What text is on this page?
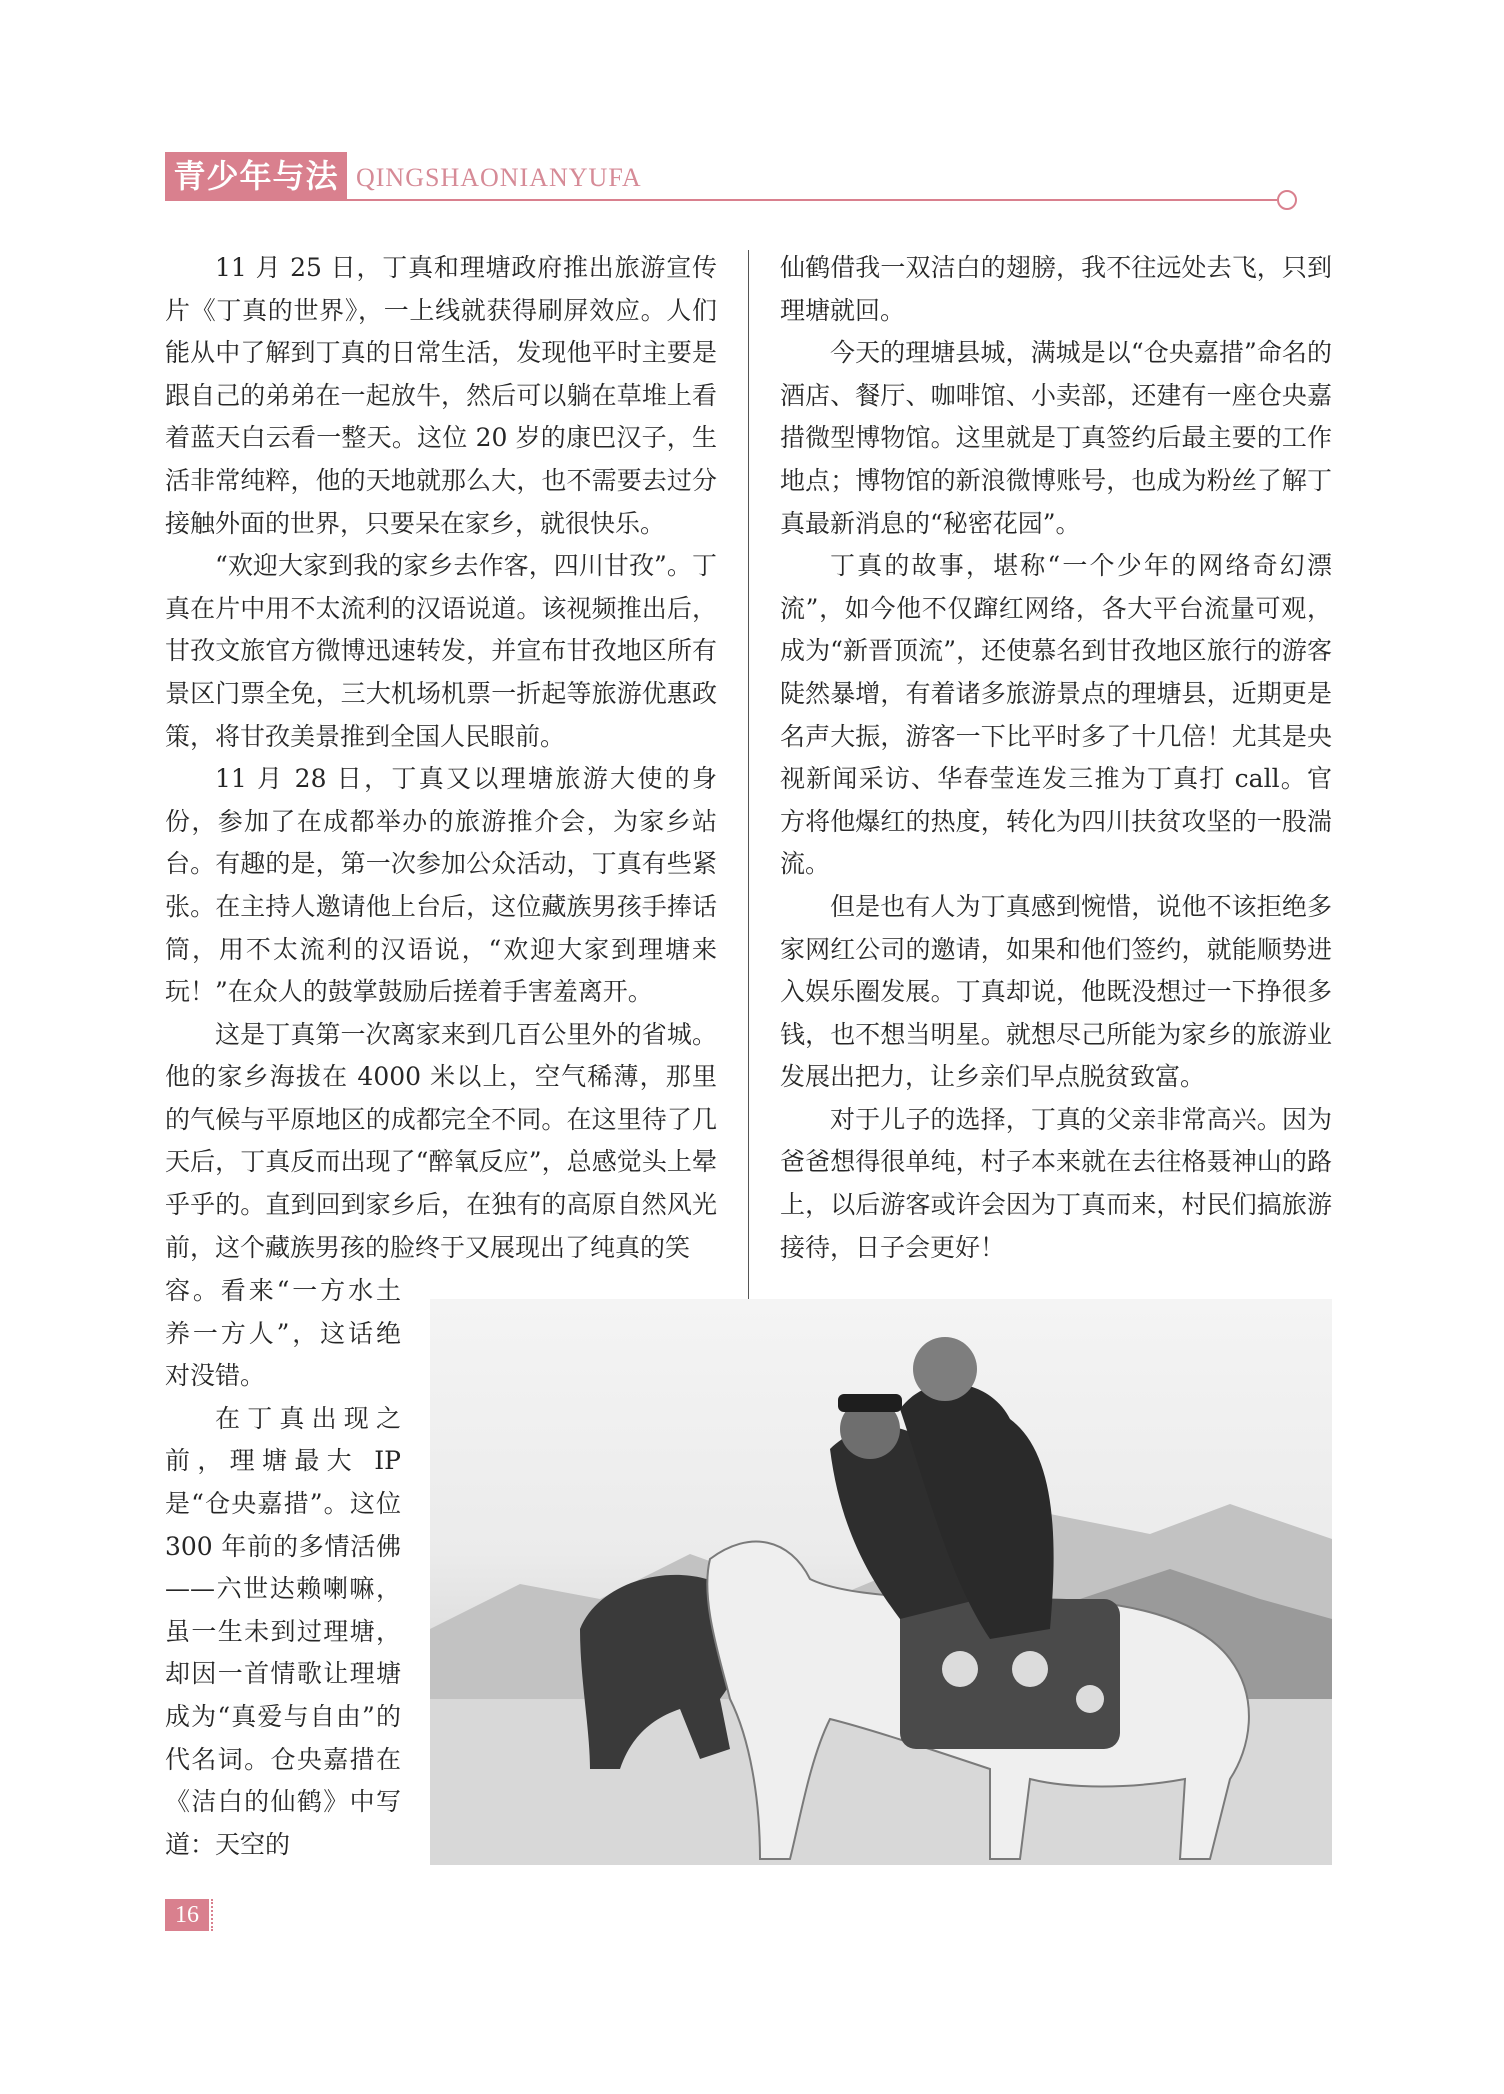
青少年与法 QINGSHAONIANYUFA

11 月 25 日，丁真和理塘政府推出旅游宣传片《丁真的世界》，一上线就获得刷屏效应。人们能从中了解到丁真的日常生活，发现他平时主要是跟自己的弟弟在一起放牛，然后可以躺在草堆上看着蓝天白云看一整天。这位 20 岁的康巴汉子，生活非常纯粹，他的天地就那么大，也不需要去过分接触外面的世界，只要呆在家乡，就很快乐。

“欢迎大家到我的家乡去作客，四川甘孜”。丁真在片中用不太流利的汉语说道。该视频推出后，甘孜文旅官方微博迅速转发，并宣布甘孜地区所有景区门票全免，三大机场机票一折起等旅游优惠政策，将甘孜美景推到全国人民眼前。

11 月 28 日，丁真又以理塘旅游大使的身份，参加了在成都举办的旅游推介会，为家乡站台。有趣的是，第一次参加公众活动，丁真有些紧张。在主持人邀请他上台后，这位藏族男孩手捧话筒，用不太流利的汉语说，“欢迎大家到理塘来玩！”在众人的鼓掌鼓励后搓着手害羞离开。

这是丁真第一次离家来到几百公里外的省城。他的家乡海拔在 4000 米以上，空气稀薄，那里的气候与平原地区的成都完全不同。在这里待了几天后，丁真反而出现了“醉氧反应”，总感觉头上晕乎乎的。直到回到家乡后，在独有的高原自然风光前，这个藏族男孩的脸终于又展现出了纯真的笑

容。看来“一方水土养一方人”，这话绝对没错。

在丁真出现之前，理塘最大 IP 是“仓央嘉措”。这位 300 年前的多情活佛——六世达赖喇嘛，虽一生未到过理塘，却因一首情歌让理塘成为“真爱与自由”的代名词。仓央嘉措在《洁白的仙鹤》中写道：天空的

仙鹤借我一双洁白的翅膀，我不往远处去飞，只到理塘就回。

今天的理塘县城，满城是以“仓央嘉措”命名的酒店、餐厅、咖啡馆、小卖部，还建有一座仓央嘉措微型博物馆。这里就是丁真签约后最主要的工作地点；博物馆的新浪微博账号，也成为粉丝了解丁真最新消息的“秘密花园”。

丁真的故事，堪称“一个少年的网络奇幻漂流”，如今他不仅蹿红网络，各大平台流量可观，成为“新晋顶流”，还使慕名到甘孜地区旅行的游客陡然暴增，有着诸多旅游景点的理塘县，近期更是名声大振，游客一下比平时多了十几倍！尤其是央视新闻采访、华春莹连发三推为丁真打 call。官方将他爆红的热度，转化为四川扶贫攻坚的一股湍流。

但是也有人为丁真感到惋惜，说他不该拒绝多家网红公司的邀请，如果和他们签约，就能顺势进入娱乐圈发展。丁真却说，他既没想过一下挣很多钱，也不想当明星。就想尽己所能为家乡的旅游业发展出把力，让乡亲们早点脱贫致富。

对于儿子的选择，丁真的父亲非常高兴。因为爸爸想得很单纯，村子本来就在去往格聂神山的路上，以后游客或许会因为丁真而来，村民们搞旅游接待，日子会更好！

16
